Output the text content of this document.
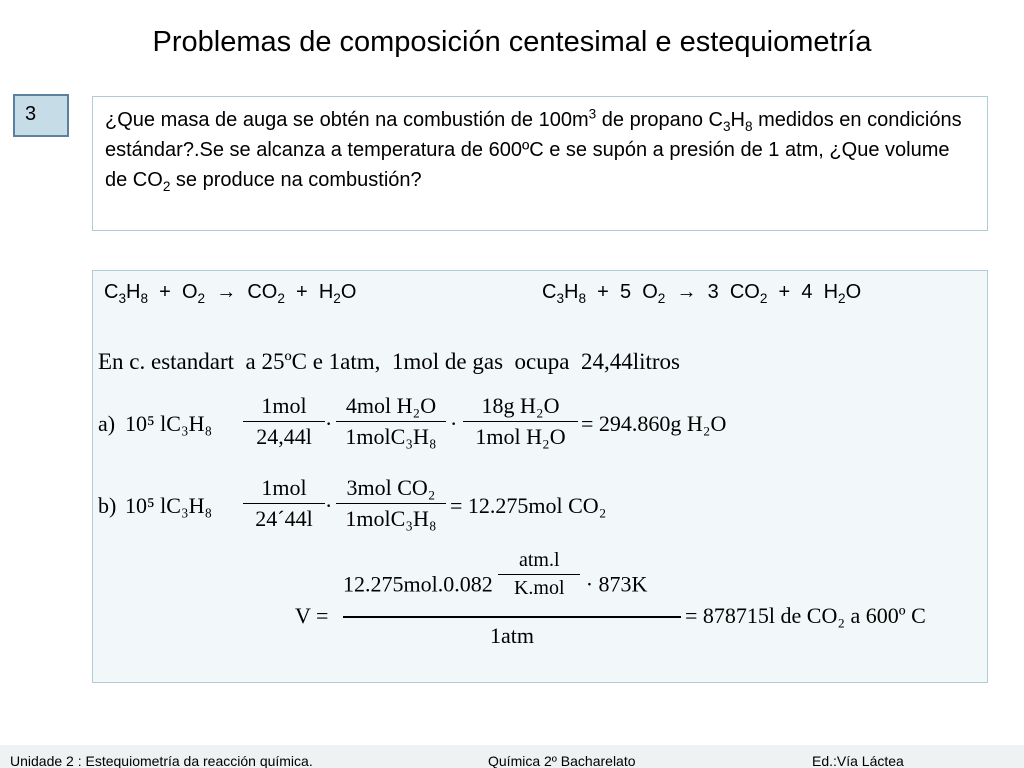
Problemas de composición centesimal e estequiometría
3	¿Que masa de auga se obtén na combustión de $100m^3$ de propano $C_3H_8$ medidos en condicións estándar?.Se se alcanza a temperatura de 600ºC e se supón a presión de 1 atm, ¿Que volume de $CO_2$ se produce na combustión?
$C_3H_8 + O_2 \to CO_2 + H_2O$	$C_3H_8 + 5$ $O_2 \to 3$ $CO_2 + 4$ $H_2O$
En c. estandart  a 25ºC e 1atm,  1mol de gas  ocupa  24,44litros
a) 10⁵ lC₃H₈
1mol
24,44l
·
4mol H₂O
1molC₃H₈
·
18g H₂O
1mol H₂O
= 294.860g H₂O
b) 10⁵ lC₃H₈
1mol
24´44l
·
3mol CO₂
1molC₃H₈
= 12.275mol CO₂
V =
$12.275mol.0.082 \frac{\text{atm.l}}{\text{K.mol}} \cdot 873K$
1atm
= 878715l de CO₂ a 600º C
Unidade 2 : Estequiometría da reacción química.	Química 2º Bacharelato	Ed.:Vía Láctea
